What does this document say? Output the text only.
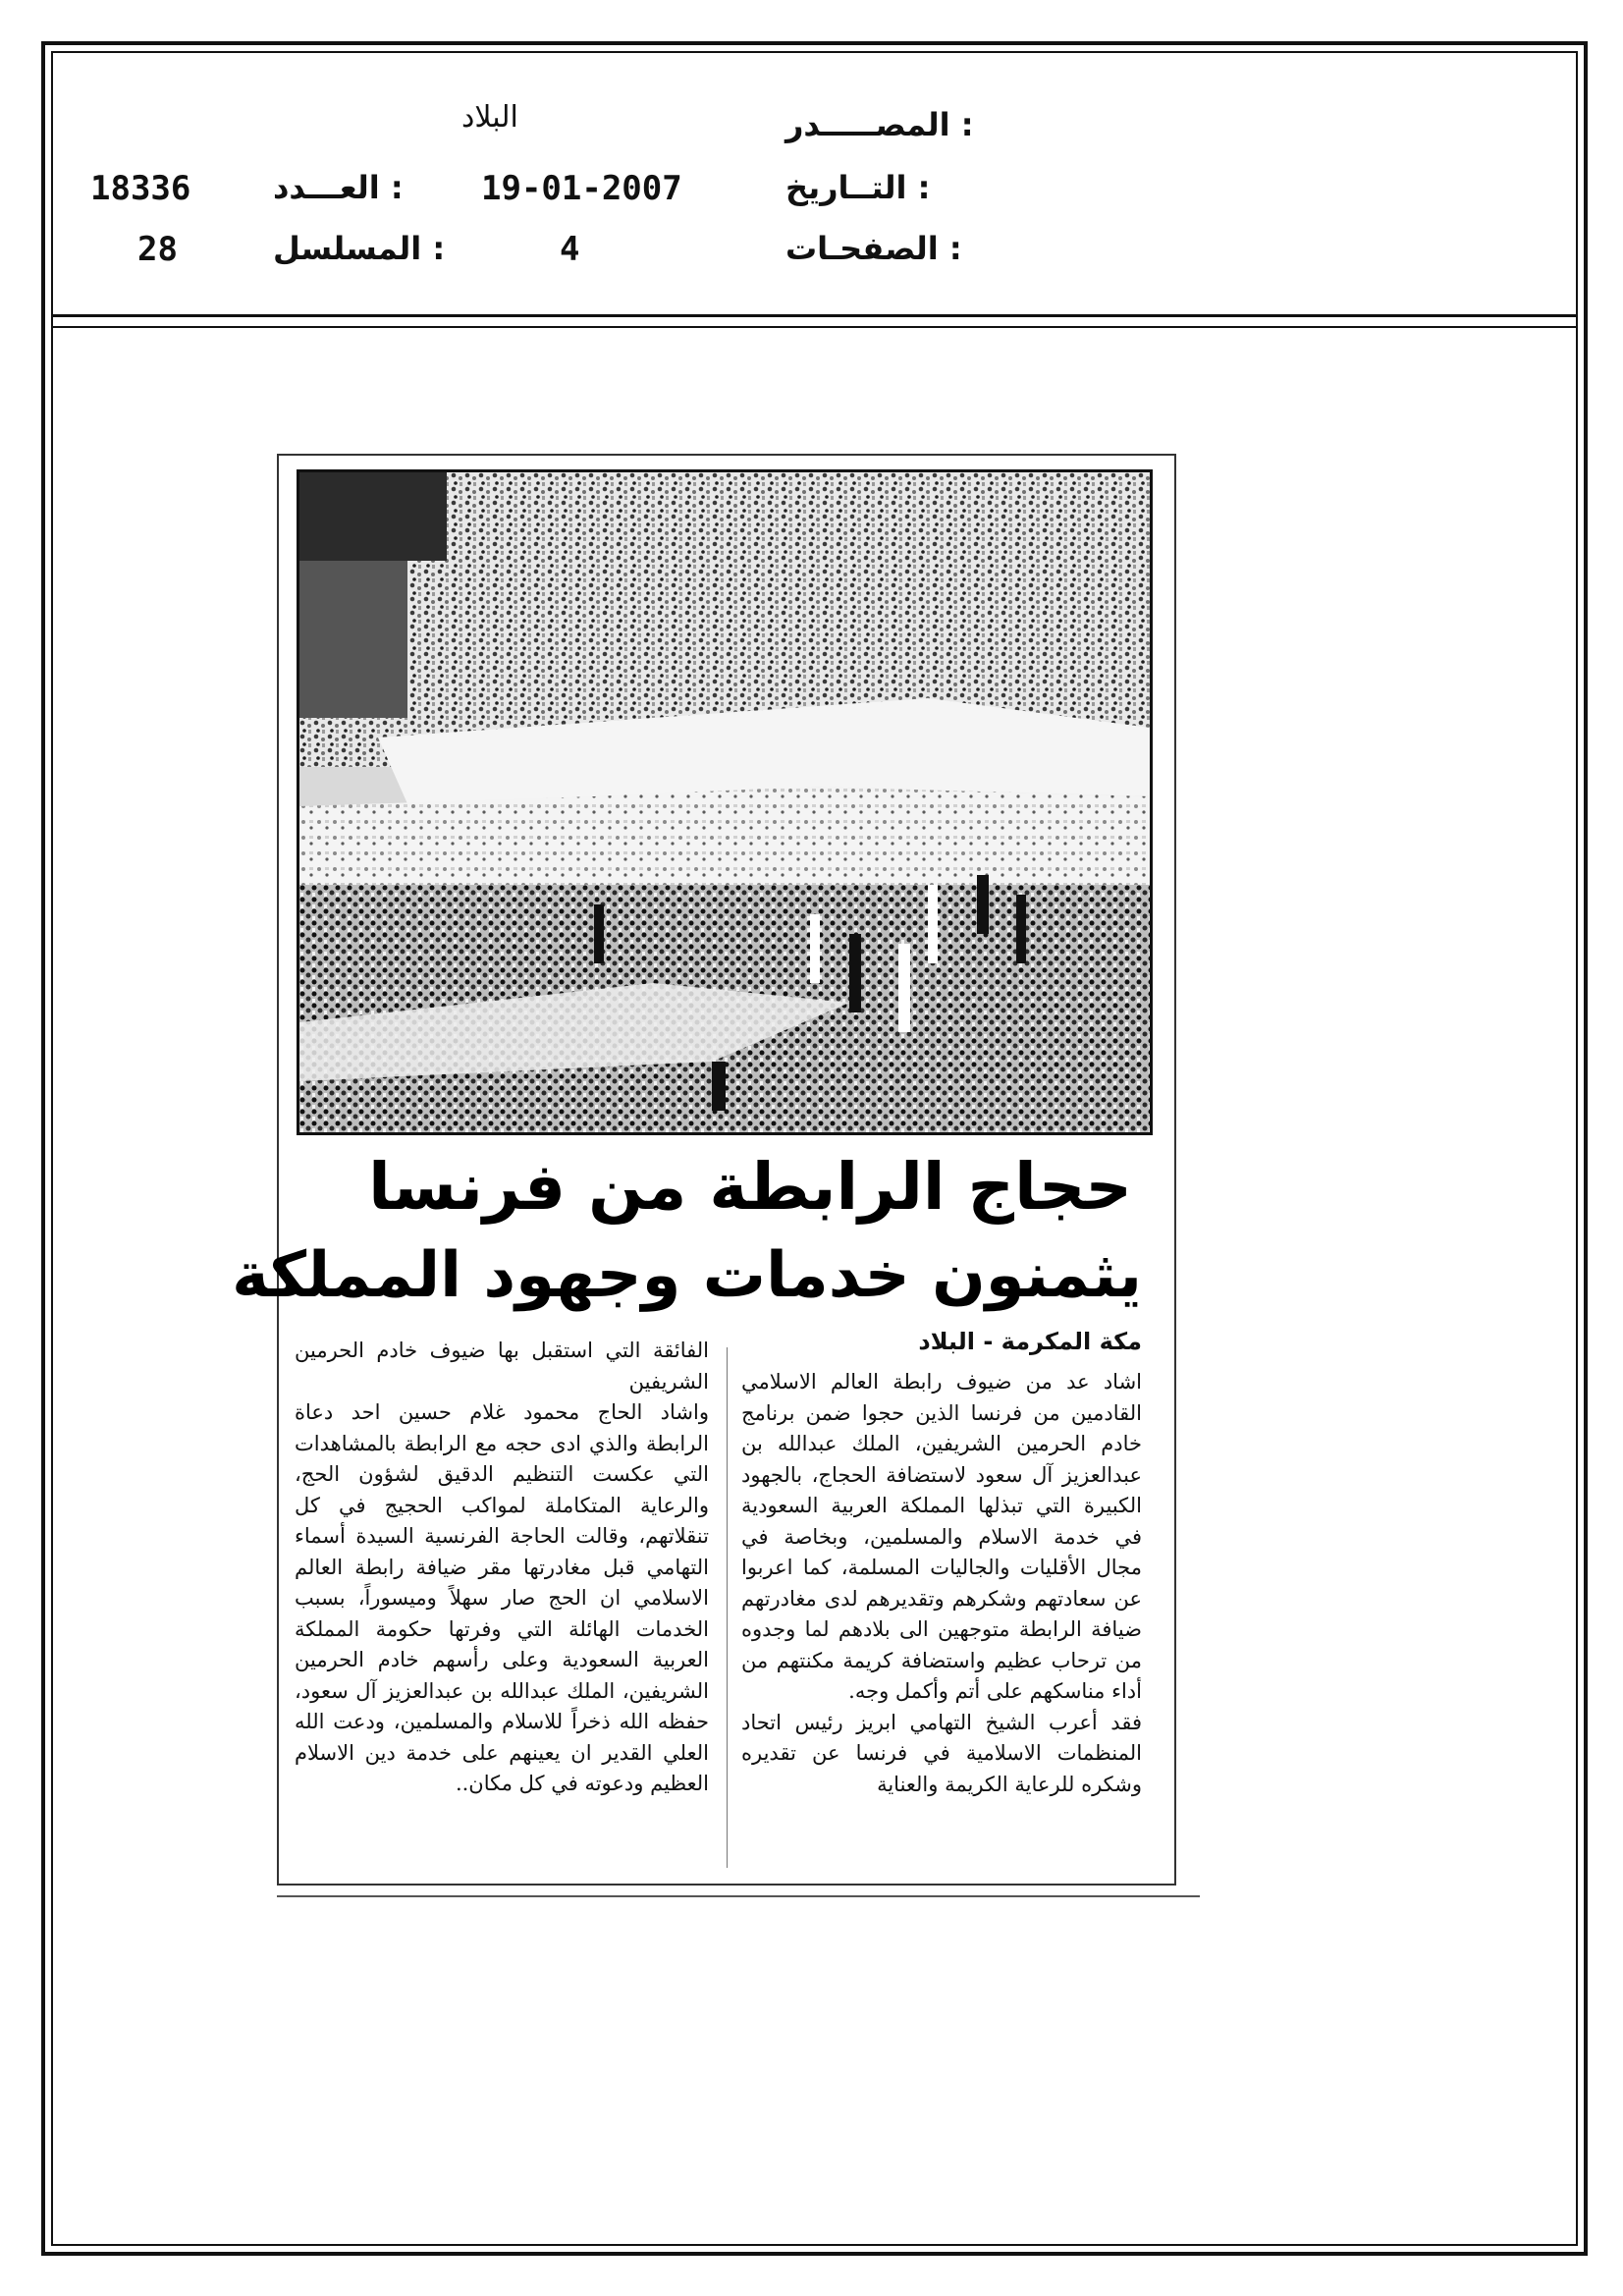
المصـــــدر :
البلاد
التــاريخ :
19-01-2007
العـــدد :
18336
الصفحـات :
4
المسلسل :
28
حجاج الرابطة من فرنسا
يثمنون خدمات وجهود المملكة
مكة المكرمة - البلاد

اشاد عد من ضيوف رابطة العالم الاسلامي القادمين من فرنسا الذين حجوا ضمن برنامج خادم الحرمين الشريفين، الملك عبدالله بن عبدالعزيز آل سعود لاستضافة الحجاج، بالجهود الكبيرة التي تبذلها المملكة العربية السعودية في خدمة الاسلام والمسلمين، وبخاصة في مجال الأقليات والجاليات المسلمة، كما اعربوا عن سعادتهم وشكرهم وتقديرهم لدى مغادرتهم ضيافة الرابطة متوجهين الى بلادهم لما وجدوه من ترحاب عظيم واستضافة كريمة مكنتهم من أداء مناسكهم على أتم وأكمل وجه.

فقد أعرب الشيخ التهامي ابريز رئيس اتحاد المنظمات الاسلامية في فرنسا عن تقديره وشكره للرعاية الكريمة والعناية

الفائقة التي استقبل بها ضيوف خادم الحرمين الشريفين

واشاد الحاج محمود غلام حسين احد دعاة الرابطة والذي ادى حجه مع الرابطة بالمشاهدات التي عكست التنظيم الدقيق لشؤون الحج، والرعاية المتكاملة لمواكب الحجيج في كل تنقلاتهم، وقالت الحاجة الفرنسية السيدة أسماء التهامي قبل مغادرتها مقر ضيافة رابطة العالم الاسلامي ان الحج صار سهلاً وميسوراً، بسبب الخدمات الهائلة التي وفرتها حكومة المملكة العربية السعودية وعلى رأسهم خادم الحرمين الشريفين، الملك عبدالله بن عبدالعزيز آل سعود، حفظه الله ذخراً للاسلام والمسلمين، ودعت الله العلي القدير ان يعينهم على خدمة دين الاسلام العظيم ودعوته في كل مكان..
